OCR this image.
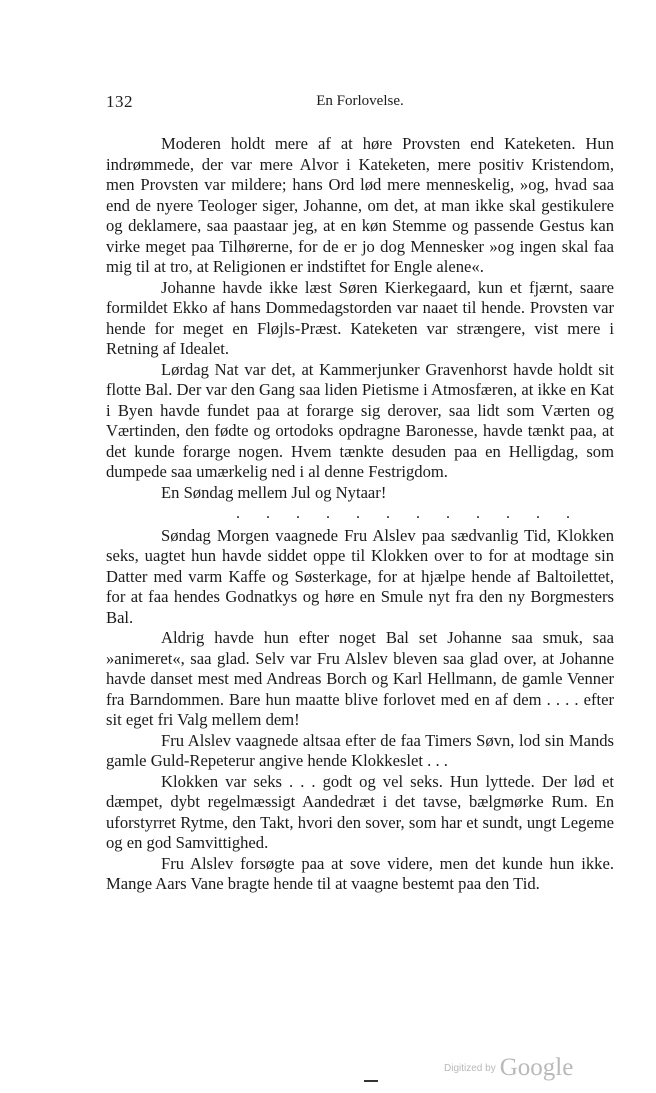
132	En Forlovelse.

Moderen holdt mere af at høre Provsten end Kateketen. Hun indrømmede, der var mere Alvor i Kateketen, mere positiv Kristendom, men Provsten var mildere; hans Ord lød mere menneskelig, »og, hvad saa end de nyere Teologer siger, Johanne, om det, at man ikke skal gestikulere og deklamere, saa paastaar jeg, at en køn Stemme og passende Gestus kan virke meget paa Tilhørerne, for de er jo dog Mennesker »og ingen skal faa mig til at tro, at Religionen er indstiftet for Engle alene«.

Johanne havde ikke læst Søren Kierkegaard, kun et fjærnt, saare formildet Ekko af hans Dommedagstorden var naaet til hende. Provsten var hende for meget en Fløjls-Præst. Kateketen var strængere, vist mere i Retning af Idealet.

Lørdag Nat var det, at Kammerjunker Gravenhorst havde holdt sit flotte Bal. Der var den Gang saa liden Pietisme i Atmosfæren, at ikke en Kat i Byen havde fundet paa at forarge sig derover, saa lidt som Værten og Værtinden, den fødte og ortodoks opdragne Baronesse, havde tænkt paa, at det kunde forarge nogen. Hvem tænkte desuden paa en Helligdag, som dumpede saa umærkelig ned i al denne Festrigdom.

En Søndag mellem Jul og Nytaar!

. . . . . . . . . . . .

Søndag Morgen vaagnede Fru Alslev paa sædvanlig Tid, Klokken seks, uagtet hun havde siddet oppe til Klokken over to for at modtage sin Datter med varm Kaffe og Søsterkage, for at hjælpe hende af Baltoilettet, for at faa hendes Godnatkys og høre en Smule nyt fra den ny Borgmesters Bal.

Aldrig havde hun efter noget Bal set Johanne saa smuk, saa »animeret«, saa glad. Selv var Fru Alslev bleven saa glad over, at Johanne havde danset mest med Andreas Borch og Karl Hellmann, de gamle Venner fra Barndommen. Bare hun maatte blive forlovet med en af dem . . . . efter sit eget fri Valg mellem dem!

Fru Alslev vaagnede altsaa efter de faa Timers Søvn, lod sin Mands gamle Guld-Repeterur angive hende Klokkeslet . . .

Klokken var seks . . . godt og vel seks. Hun lyttede. Der lød et dæmpet, dybt regelmæssigt Aandedræt i det tavse, bælgmørke Rum. En uforstyrret Rytme, den Takt, hvori den sover, som har et sundt, ungt Legeme og en god Samvittighed.

Fru Alslev forsøgte paa at sove videre, men det kunde hun ikke. Mange Aars Vane bragte hende til at vaagne bestemt paa den Tid.

$^{Digitized by}$ Google
